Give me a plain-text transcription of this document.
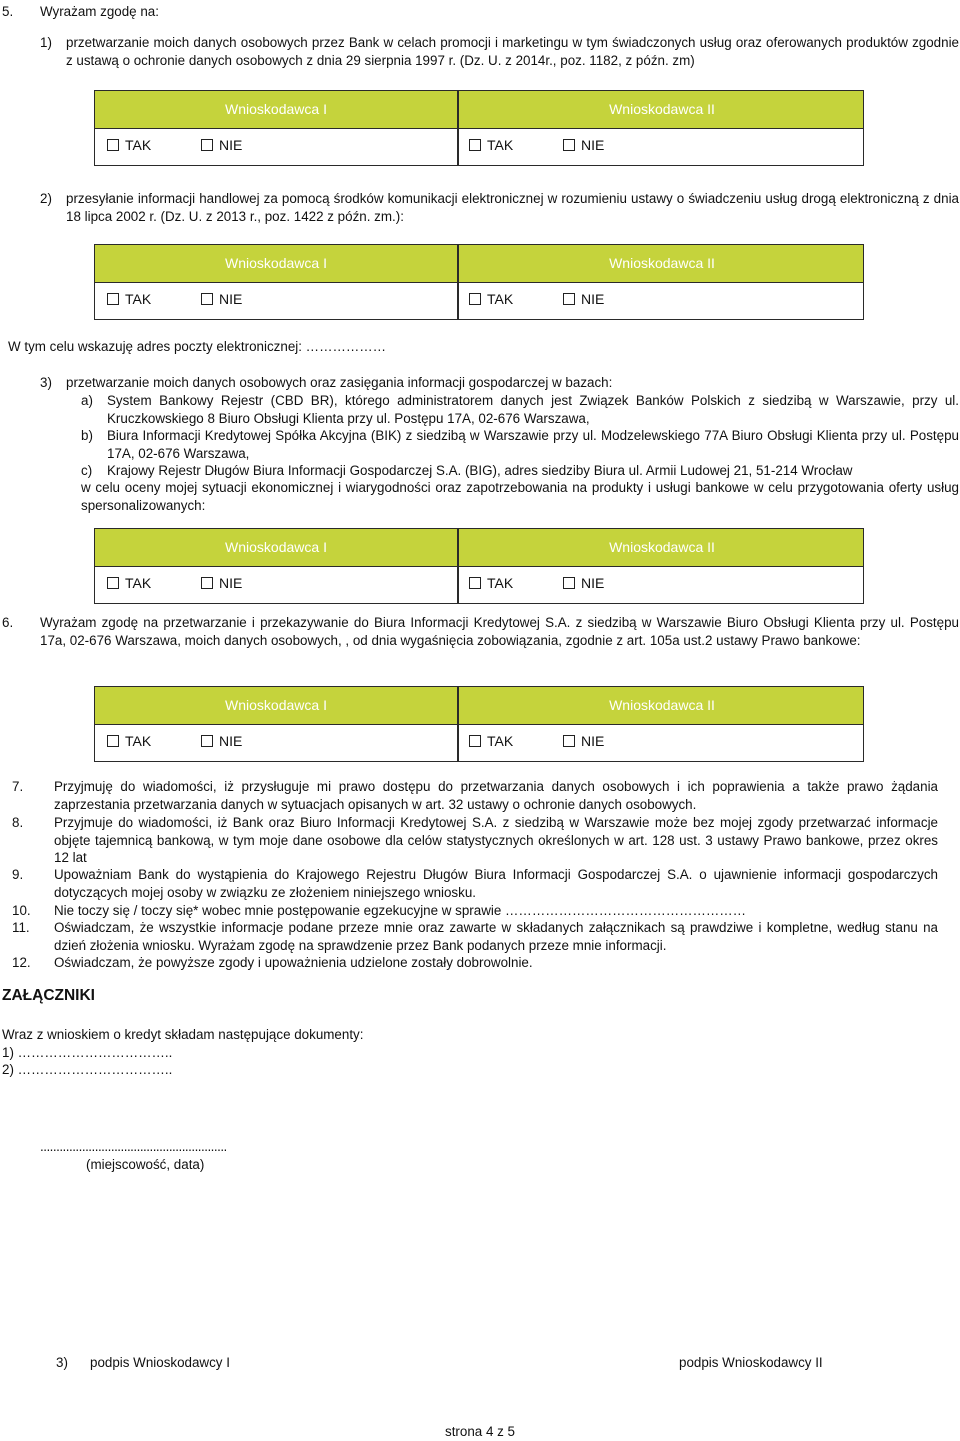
5. Wyrażam zgodę na:
1) przetwarzanie moich danych osobowych przez Bank w celach promocji i marketingu w tym świadczonych usług oraz oferowanych produktów zgodnie z ustawą o ochronie danych osobowych z dnia 29 sierpnia 1997 r. (Dz. U. z 2014r., poz. 1182, z późn. zm)
Wnioskodawca I	Wnioskodawca II
TAK	NIE	TAK	NIE
2) przesyłanie informacji handlowej za pomocą środków komunikacji elektronicznej w rozumieniu ustawy o świadczeniu usług drogą elektroniczną z dnia 18 lipca 2002 r. (Dz. U. z 2013 r., poz. 1422 z późn. zm.):
Wnioskodawca I	Wnioskodawca II
TAK	NIE	TAK	NIE
W tym celu wskazuję adres poczty elektronicznej: ………………
3) przetwarzanie moich danych osobowych oraz zasięgania informacji gospodarczej w bazach:
a) System Bankowy Rejestr (CBD BR), którego administratorem danych jest Związek Banków Polskich z siedzibą w Warszawie, przy ul. Kruczkowskiego 8 Biuro Obsługi Klienta przy ul. Postępu 17A, 02-676 Warszawa,
b) Biura Informacji Kredytowej Spółka Akcyjna (BIK) z siedzibą w Warszawie przy ul. Modzelewskiego 77A Biuro Obsługi Klienta przy ul. Postępu 17A, 02-676 Warszawa,
c) Krajowy Rejestr Długów Biura Informacji Gospodarczej S.A. (BIG), adres siedziby Biura ul. Armii Ludowej 21, 51-214 Wrocław
w celu oceny mojej sytuacji ekonomicznej i wiarygodności oraz zapotrzebowania na produkty i usługi bankowe w celu przygotowania oferty usług spersonalizowanych:
Wnioskodawca I	Wnioskodawca II
TAK	NIE	TAK	NIE
6. Wyrażam zgodę na przetwarzanie i przekazywanie do Biura Informacji Kredytowej S.A. z siedzibą w Warszawie Biuro Obsługi Klienta przy ul. Postępu 17a, 02-676 Warszawa, moich danych osobowych, , od dnia wygaśnięcia zobowiązania, zgodnie z art. 105a ust.2 ustawy Prawo bankowe:
Wnioskodawca I	Wnioskodawca II
TAK	NIE	TAK	NIE
7. Przyjmuję do wiadomości, iż przysługuje mi prawo dostępu do przetwarzania danych osobowych i ich poprawienia a także prawo żądania zaprzestania przetwarzania danych w sytuacjach opisanych w art. 32 ustawy o ochronie danych osobowych.
8. Przyjmuje do wiadomości, iż Bank oraz Biuro Informacji Kredytowej S.A. z siedzibą w Warszawie może bez mojej zgody przetwarzać informacje objęte tajemnicą bankową, w tym moje dane osobowe dla celów statystycznych określonych w art. 128 ust. 3 ustawy Prawo bankowe, przez okres 12 lat
9. Upoważniam Bank do wystąpienia do Krajowego Rejestru Długów Biura Informacji Gospodarczej S.A. o ujawnienie informacji gospodarczych dotyczących mojej osoby w związku ze złożeniem niniejszego wniosku.
10. Nie toczy się / toczy się* wobec mnie postępowanie egzekucyjne w sprawie ………………………………………………
11. Oświadczam, że wszystkie informacje podane przeze mnie oraz zawarte w składanych załącznikach są prawdziwe i kompletne, według stanu na dzień złożenia wniosku. Wyrażam zgodę na sprawdzenie przez Bank podanych przeze mnie informacji.
12. Oświadczam, że powyższe zgody i upoważnienia udzielone zostały dobrowolnie.
ZAŁĄCZNIKI
Wraz z wnioskiem o kredyt składam następujące dokumenty:
1) ……………………………..
2) ……………………………..
..........................................................
(miejscowość, data)
3) podpis Wnioskodawcy I	podpis Wnioskodawcy II
strona 4 z 5
